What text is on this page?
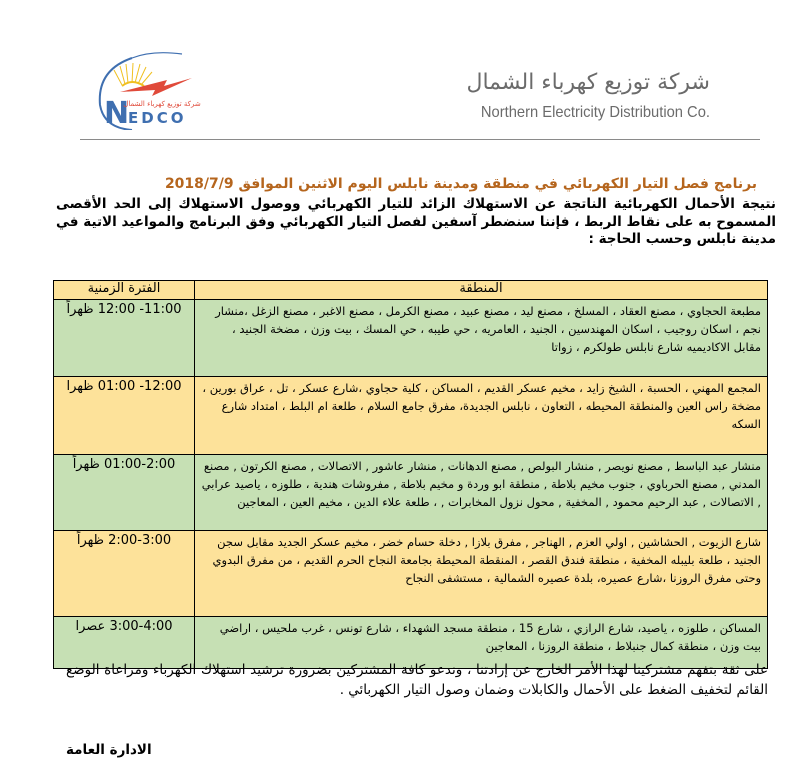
N
EDCO
شركة توزيع كهرباء الشمال
شركة توزيع كهرباء الشمال
Northern Electricity Distribution Co.
برنامج فصل التيار الكهربائي في منطقة ومدينة نابلس اليوم الاثنين الموافق 2018/7/9
نتيجة الأحمال الكهربائية الناتجة عن الاستهلاك الزائد للتيار الكهربائي ووصول الاستهلاك إلى الحد الأقصى المسموح به على نقاط الربط ، فإننا سنضطر آسفين لفصل التيار الكهربائي وفق البرنامج والمواعيد الاتية في مدينة نابلس وحسب الحاجة :
المنطقة	الفترة الزمنية
مطبعة الحجاوي ، مصنع العقاد ، المسلخ ، مصنع ليد ، مصنع عبيد ، مصنع الكرمل ، مصنع الاغبر ، مصنع الزغل ،منشار نجم ، اسكان روجيب ، اسكان المهندسين ، الجنيد ، العامريه ، حي طيبه ، حي المسك ، بيت وزن ، مضخة الجنيد ، مقابل الاكاديميه شارع نابلس طولكرم ، زواتا	11:00- 12:00 ظهراً
المجمع المهني ، الحسبة ، الشيخ زايد ، مخيم عسكر القديم ، المساكن ، كلية حجاوي ،شارع عسكر ، تل ، عراق بورين ، مضخة راس العين والمنطقة المحيطه ، التعاون ، نابلس الجديدة، مفرق جامع السلام ، طلعة ام البلط ، امتداد شارع السكه	12:00- 01:00 ظهرا
منشار عبد الباسط , مصنع نويصر , منشار البولص , مصنع الدهانات , منشار عاشور , الاتصالات , مصنع الكرتون , مصنع المدني , مصنع الحرباوي ، جنوب مخيم بلاطة , منطقة ابو وردة و مخيم بلاطة , مفروشات هندية ، طلوزه ، ياصيد عرابي , الاتصالات , عبد الرحيم محمود , المخفية , محول نزول المخابرات , ، طلعة علاء الدين ، مخيم العين ، المعاجين	01:00-2:00 ظهراً
شارع الزيوت , الحشاشين , اولي العزم , الهناجر , مفرق بلازا , دخلة حسام خضر ، مخيم عسكر الجديد مقابل سجن الجنيد ، طلعة بليبله المخفية ، منطقة فندق القصر ، المنقطة المحيطة بجامعة النجاح الحرم القديم ، من مفرق البدوي وحتى مفرق الروزنا ،شارع عصيره، بلدة عصيره الشمالية ، مستشفى النجاح	2:00-3:00 ظهراً
المساكن ، طلوزه ، ياصيد، شارع الرازي ، شارع 15 ، منطقة مسجد الشهداء ، شارع تونس ، غرب ملحيس ، اراضي بيت وزن ، منطقة كمال جنبلاط ، منطقة الروزنا ، المعاجين	3:00-4:00 عصرا
على ثقة بتفهم مشتركينا لهذا الأمر الخارج عن إرادتنا ، وندعو كافة المشتركين بضرورة ترشيد استهلاك الكهرباء ومراعاة الوضع القائم لتخفيف الضغط على الأحمال والكابلات وضمان وصول التيار الكهربائي .
الادارة العامة
